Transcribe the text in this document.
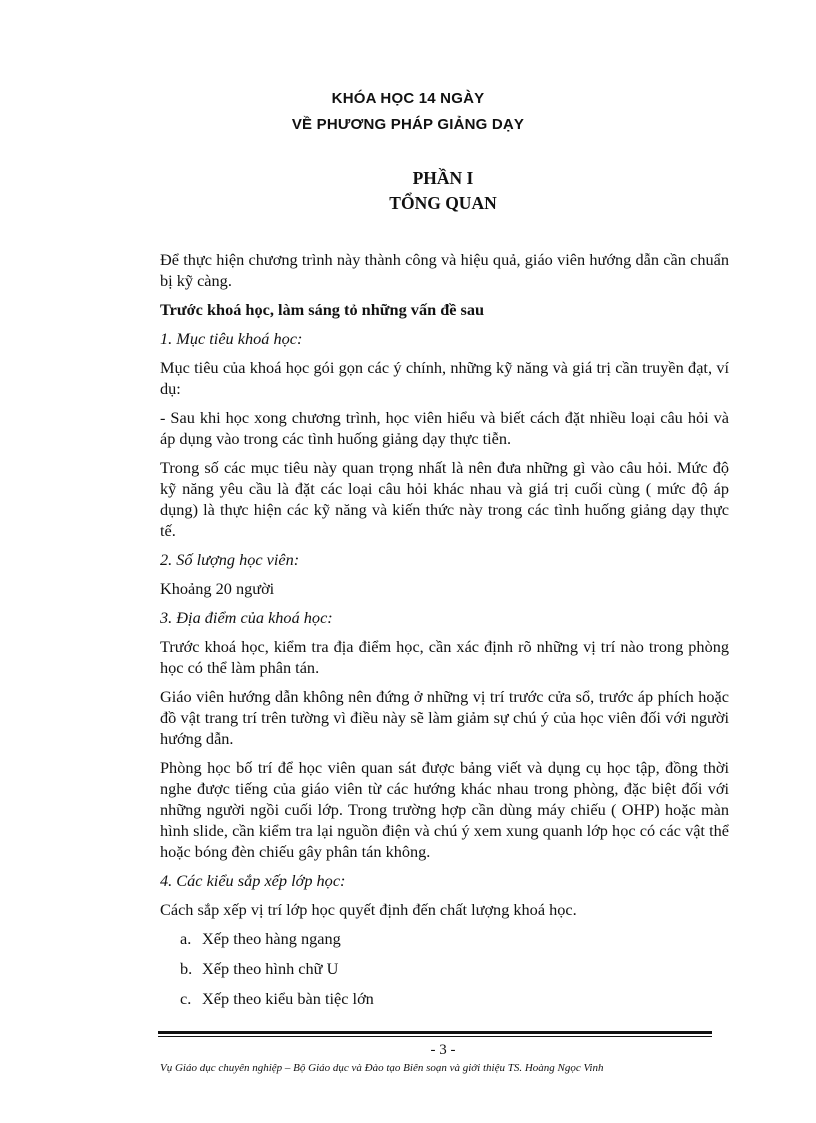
KHÓA HỌC 14 NGÀY
VỀ PHƯƠNG PHÁP GIẢNG DẠY
PHẦN I
TỔNG QUAN

Để thực hiện chương trình này thành công và hiệu quả, giáo viên hướng dẫn cần chuẩn bị kỹ càng.

Trước khoá học, làm sáng tỏ những vấn đề sau

1. Mục tiêu khoá học:

Mục tiêu của khoá học gói gọn các ý chính, những kỹ năng và giá trị cần truyền đạt, ví dụ:

- Sau khi học xong chương trình, học viên hiểu và biết cách đặt nhiều loại câu hỏi và áp dụng vào trong các tình huống giảng dạy thực tiễn.

Trong số các mục tiêu này quan trọng nhất là nên đưa những gì vào câu hỏi. Mức độ kỹ năng yêu cầu là đặt các loại câu hỏi khác nhau và giá trị cuối cùng ( mức độ áp dụng) là thực hiện các kỹ năng và kiến thức này trong các tình huống giảng dạy thực tế.

2. Số lượng học viên:

Khoảng 20 người

3. Địa điểm của khoá học:

Trước khoá học, kiểm tra địa điểm học, cần xác định rõ những vị trí nào trong phòng học có thể làm phân tán.

Giáo viên hướng dẫn không nên đứng ở những vị trí trước cửa sổ, trước áp phích hoặc đồ vật trang trí trên tường vì điều này sẽ làm giảm sự chú ý của học viên đối với người hướng dẫn.

Phòng học bố trí để học viên quan sát được bảng viết và dụng cụ học tập, đồng thời nghe được tiếng của giáo viên từ các hướng khác nhau trong phòng, đặc biệt đối với những người ngồi cuối lớp. Trong trường hợp cần dùng máy chiếu ( OHP) hoặc màn hình slide, cần kiểm tra lại nguồn điện và chú ý xem xung quanh lớp học có các vật thể hoặc bóng đèn chiếu gây phân tán không.

4. Các kiểu sắp xếp lớp học:

Cách sắp xếp vị trí lớp học quyết định đến chất lượng khoá học.

a. Xếp theo hàng ngang
b. Xếp theo hình chữ U
c. Xếp theo kiểu bàn tiệc lớn
- 3 -
Vụ Giáo dục chuyên nghiệp – Bộ Giáo dục và Đào tạo Biên soạn và giới thiệu TS. Hoàng Ngọc Vinh
